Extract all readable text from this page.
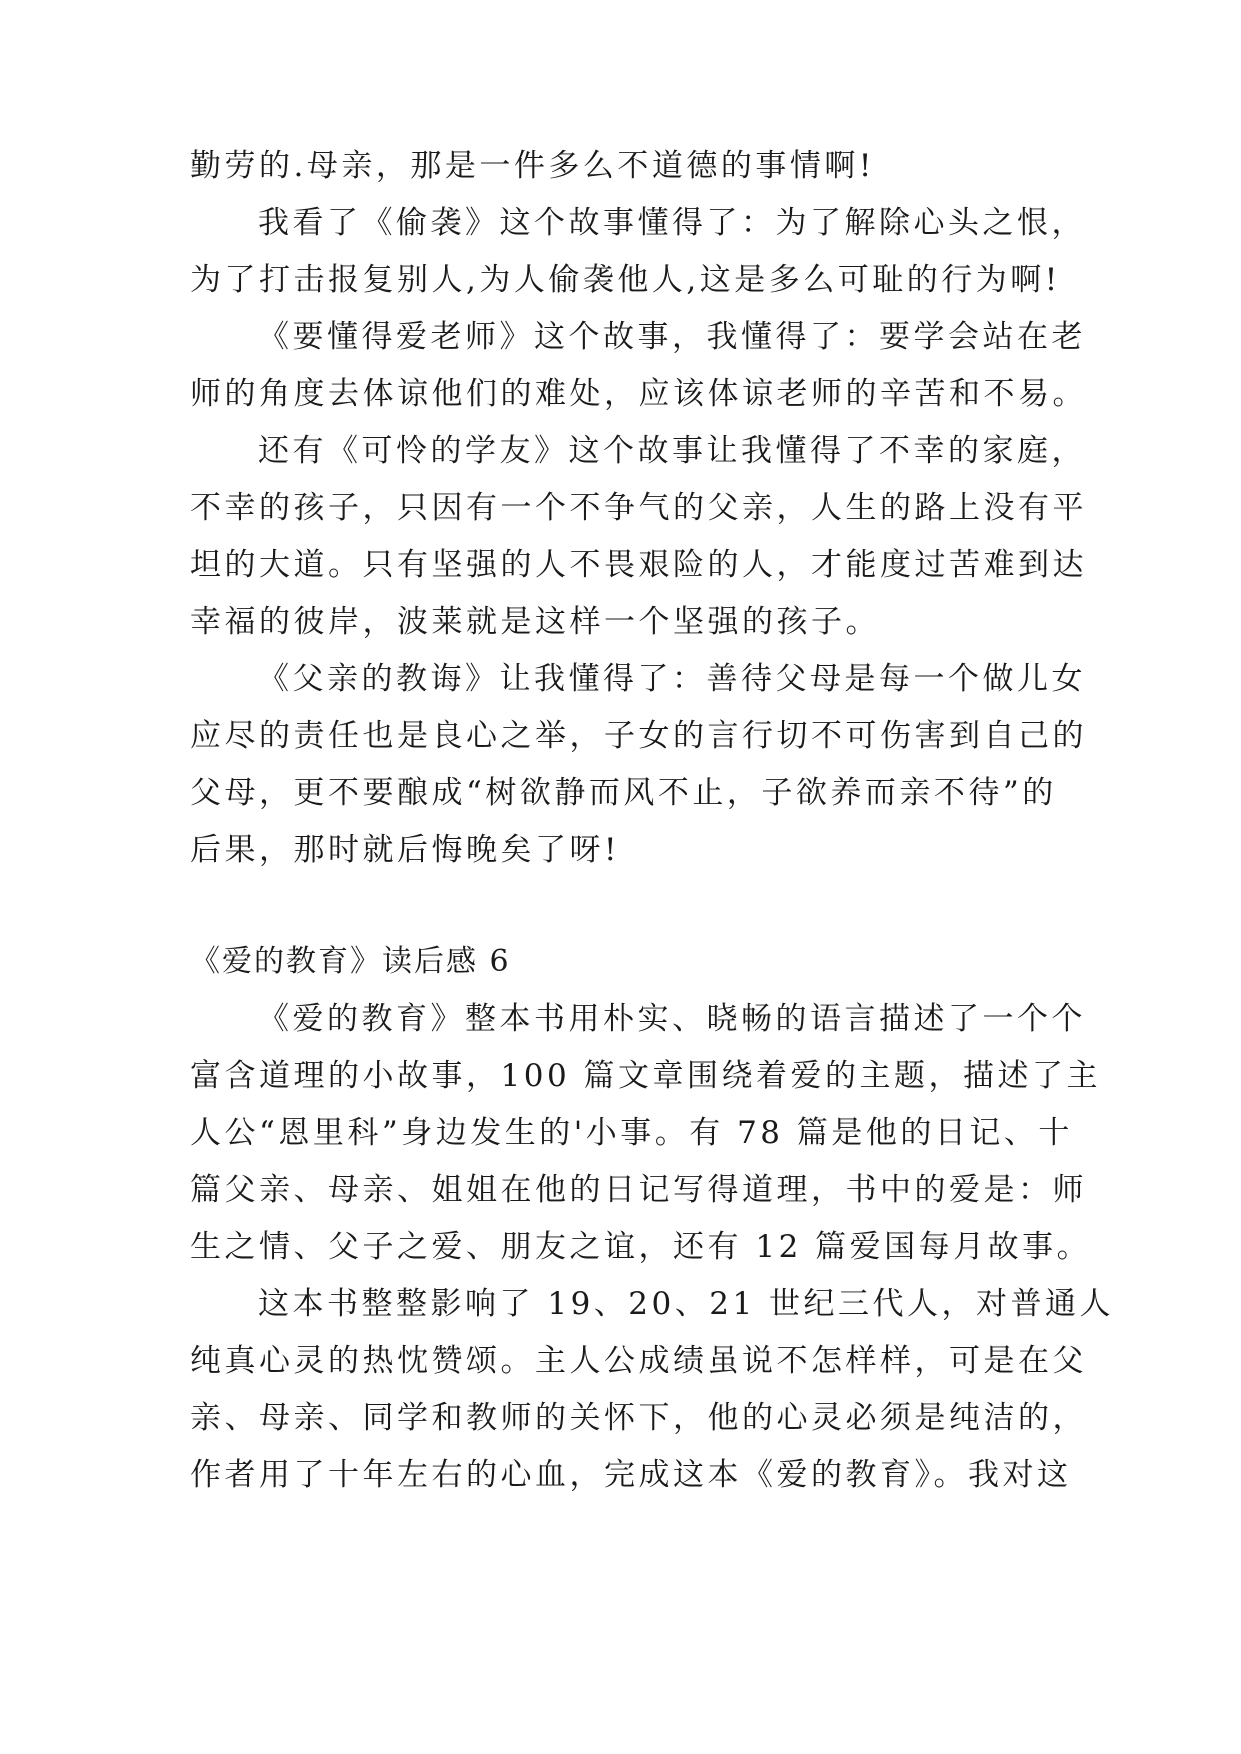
勤劳的.母亲，那是一件多么不道德的事情啊!
我看了《偷袭》这个故事懂得了：为了解除心头之恨，
为了打击报复别人,为人偷袭他人,这是多么可耻的行为啊!
《要懂得爱老师》这个故事，我懂得了：要学会站在老
师的角度去体谅他们的难处，应该体谅老师的辛苦和不易。
还有《可怜的学友》这个故事让我懂得了不幸的家庭，
不幸的孩子，只因有一个不争气的父亲，人生的路上没有平
坦的大道。只有坚强的人不畏艰险的人，才能度过苦难到达
幸福的彼岸，波莱就是这样一个坚强的孩子。
《父亲的教诲》让我懂得了：善待父母是每一个做儿女
应尽的责任也是良心之举，子女的言行切不可伤害到自己的
父母，更不要酿成“树欲静而风不止，子欲养而亲不待”的
后果，那时就后悔晚矣了呀!
《爱的教育》读后感 6
《爱的教育》整本书用朴实、晓畅的语言描述了一个个
富含道理的小故事，100 篇文章围绕着爱的主题，描述了主
人公“恩里科”身边发生的'小事。有 78 篇是他的日记、十
篇父亲、母亲、姐姐在他的日记写得道理，书中的爱是：师
生之情、父子之爱、朋友之谊，还有 12 篇爱国每月故事。
这本书整整影响了 19、20、21 世纪三代人，对普通人
纯真心灵的热忱赞颂。主人公成绩虽说不怎样样，可是在父
亲、母亲、同学和教师的关怀下，他的心灵必须是纯洁的，
作者用了十年左右的心血，完成这本《爱的教育》。我对这
